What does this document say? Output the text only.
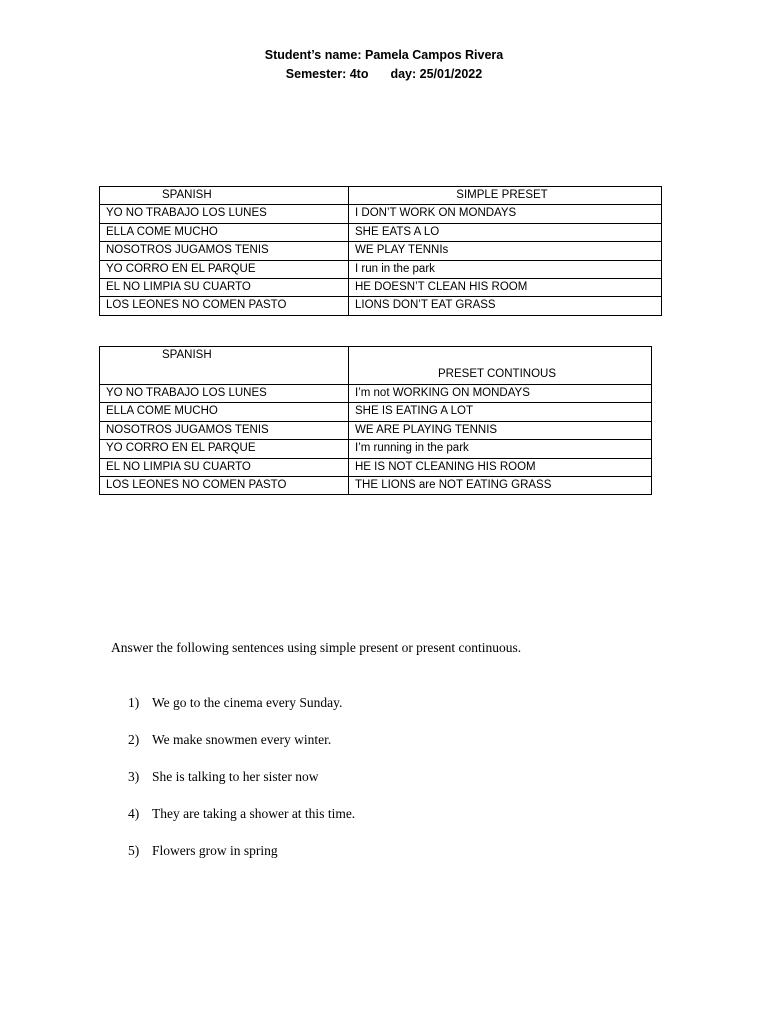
Student’s name: Pamela Campos Rivera
Semester: 4to day: 25/01/2022
SPANISH	SIMPLE PRESET
YO NO TRABAJO LOS LUNES	I DON’T WORK ON MONDAYS
ELLA COME MUCHO	SHE EATS A LO
NOSOTROS JUGAMOS TENIS	WE PLAY TENNIs
YO CORRO EN EL PARQUE	I run in the park
EL NO LIMPIA SU CUARTO	HE DOESN’T CLEAN HIS ROOM
LOS LEONES NO COMEN PASTO	LIONS DON’T EAT GRASS
SPANISH	PRESET CONTINOUS
YO NO TRABAJO LOS LUNES	I’m not WORKING ON MONDAYS
ELLA COME MUCHO	SHE IS EATING A LOT
NOSOTROS JUGAMOS TENIS	WE ARE PLAYING TENNIS
YO CORRO EN EL PARQUE	I’m running in the park
EL NO LIMPIA SU CUARTO	HE IS NOT CLEANING HIS ROOM
LOS LEONES NO COMEN PASTO	THE LIONS are NOT EATING GRASS
Answer the following sentences using simple present or present continuous.
1) We go to the cinema every Sunday.
2) We make snowmen every winter.
3) She is talking to her sister now
4) They are taking a shower at this time.
5) Flowers grow in spring
